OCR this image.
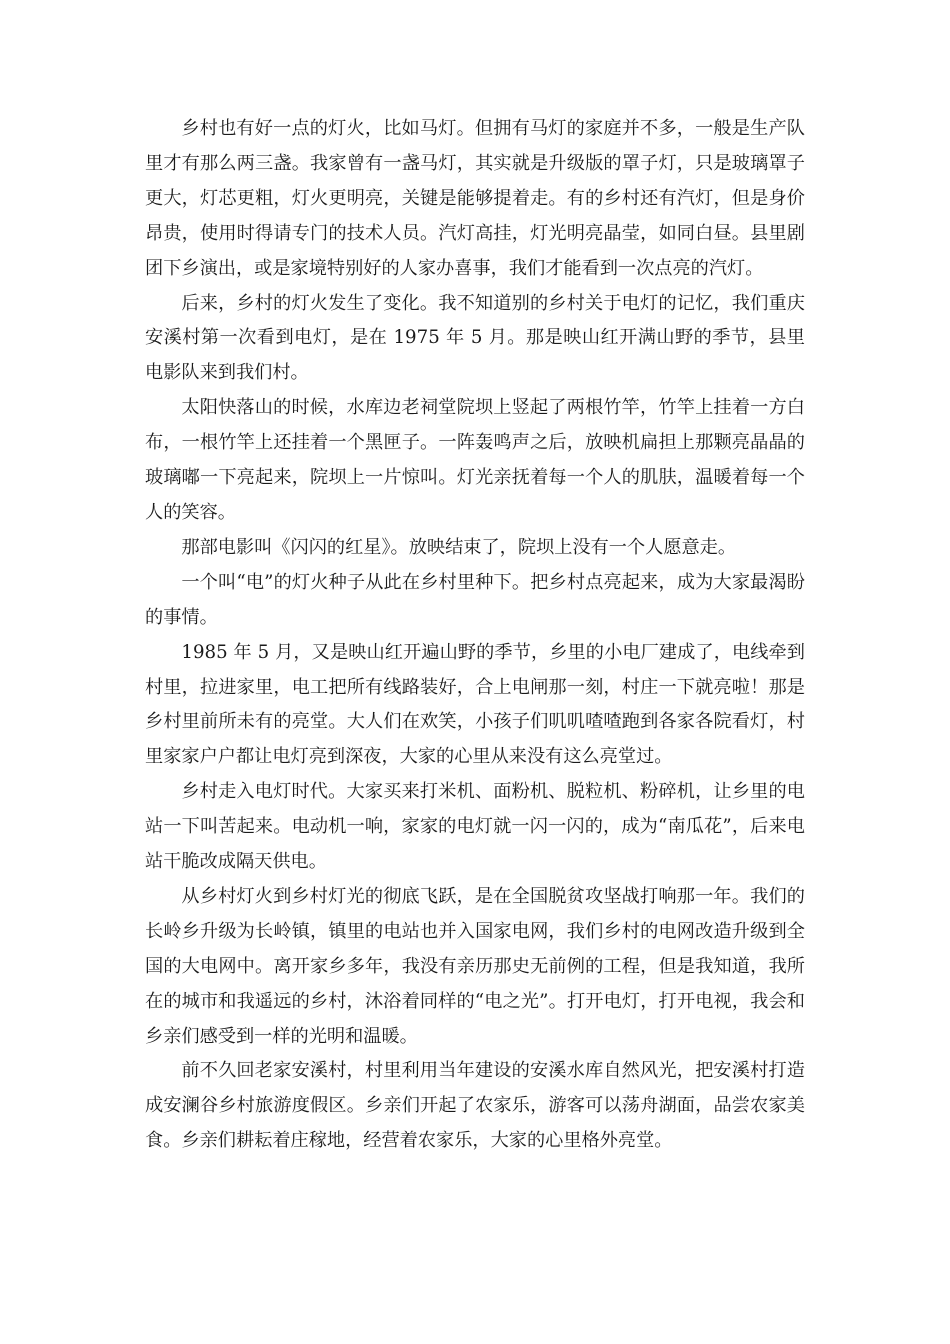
乡村也有好一点的灯火，比如马灯。但拥有马灯的家庭并不多，一般是生产队里才有那么两三盏。我家曾有一盏马灯，其实就是升级版的罩子灯，只是玻璃罩子更大，灯芯更粗，灯火更明亮，关键是能够提着走。有的乡村还有汽灯，但是身价昂贵，使用时得请专门的技术人员。汽灯高挂，灯光明亮晶莹，如同白昼。县里剧团下乡演出，或是家境特别好的人家办喜事，我们才能看到一次点亮的汽灯。

后来，乡村的灯火发生了变化。我不知道别的乡村关于电灯的记忆，我们重庆安溪村第一次看到电灯，是在 1975 年 5 月。那是映山红开满山野的季节，县里电影队来到我们村。

太阳快落山的时候，水库边老祠堂院坝上竖起了两根竹竿，竹竿上挂着一方白布，一根竹竿上还挂着一个黑匣子。一阵轰鸣声之后，放映机扁担上那颗亮晶晶的玻璃嘟一下亮起来，院坝上一片惊叫。灯光亲抚着每一个人的肌肤，温暖着每一个人的笑容。

那部电影叫《闪闪的红星》。放映结束了，院坝上没有一个人愿意走。

一个叫“电”的灯火种子从此在乡村里种下。把乡村点亮起来，成为大家最渴盼的事情。

1985 年 5 月，又是映山红开遍山野的季节，乡里的小电厂建成了，电线牵到村里，拉进家里，电工把所有线路装好，合上电闸那一刻，村庄一下就亮啦！那是乡村里前所未有的亮堂。大人们在欢笑，小孩子们叽叽喳喳跑到各家各院看灯，村里家家户户都让电灯亮到深夜，大家的心里从来没有这么亮堂过。

乡村走入电灯时代。大家买来打米机、面粉机、脱粒机、粉碎机，让乡里的电站一下叫苦起来。电动机一响，家家的电灯就一闪一闪的，成为“南瓜花”，后来电站干脆改成隔天供电。

从乡村灯火到乡村灯光的彻底飞跃，是在全国脱贫攻坚战打响那一年。我们的长岭乡升级为长岭镇，镇里的电站也并入国家电网，我们乡村的电网改造升级到全国的大电网中。离开家乡多年，我没有亲历那史无前例的工程，但是我知道，我所在的城市和我遥远的乡村，沐浴着同样的“电之光”。打开电灯，打开电视，我会和乡亲们感受到一样的光明和温暖。

前不久回老家安溪村，村里利用当年建设的安溪水库自然风光，把安溪村打造成安澜谷乡村旅游度假区。乡亲们开起了农家乐，游客可以荡舟湖面，品尝农家美食。乡亲们耕耘着庄稼地，经营着农家乐，大家的心里格外亮堂。
